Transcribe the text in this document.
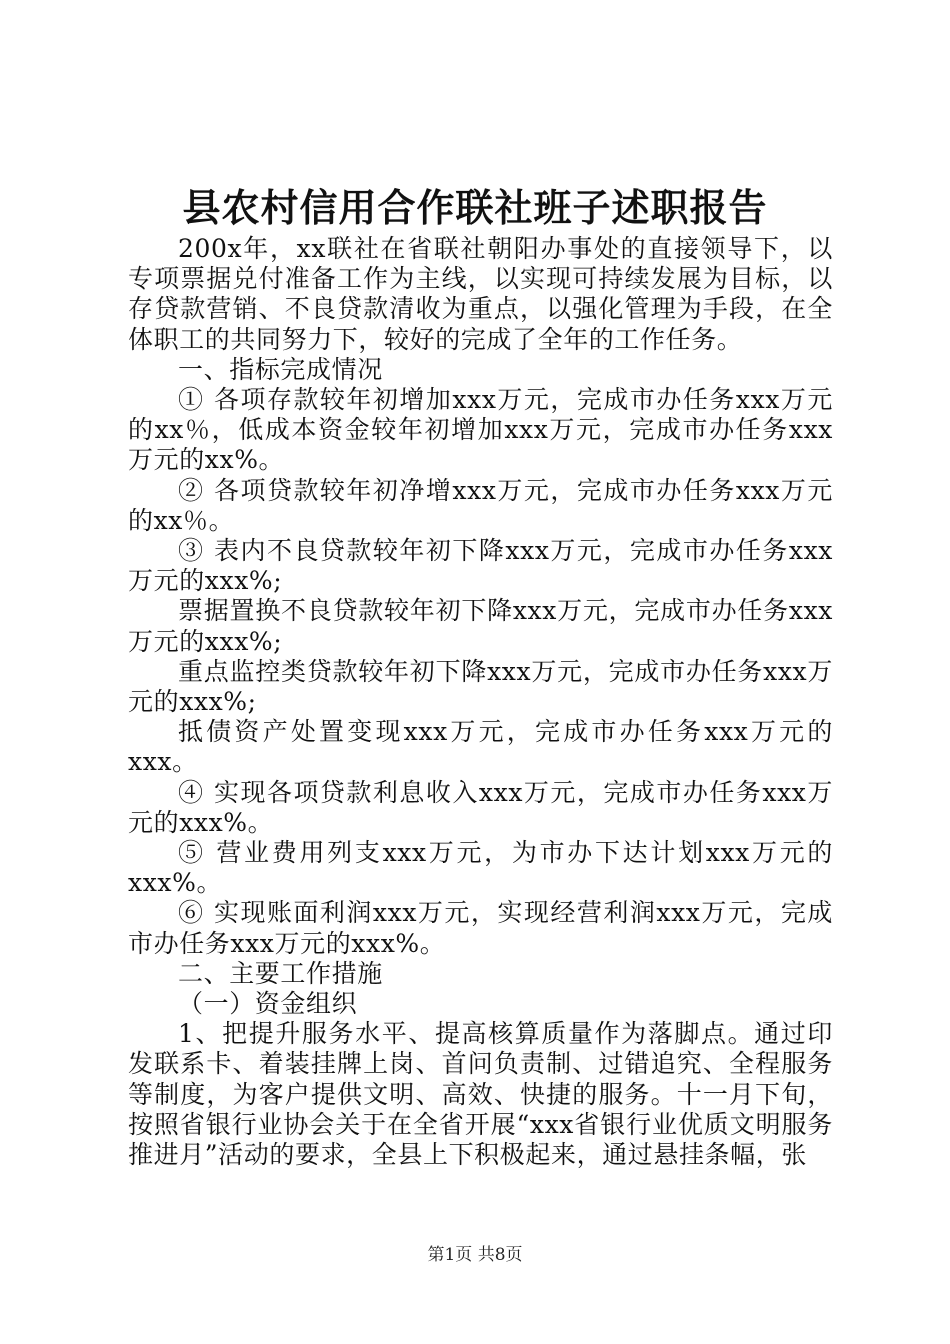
县农村信用合作联社班子述职报告

200x年，xx联社在省联社朝阳办事处的直接领导下，以专项票据兑付准备工作为主线，以实现可持续发展为目标，以存贷款营销、不良贷款清收为重点，以强化管理为手段，在全体职工的共同努力下，较好的完成了全年的工作任务。

一、指标完成情况

① 各项存款较年初增加xxx万元，完成市办任务xxx万元的xx％，低成本资金较年初增加xxx万元，完成市办任务xxx万元的xx%。

② 各项贷款较年初净增xxx万元，完成市办任务xxx万元的xx％。

③ 表内不良贷款较年初下降xxx万元，完成市办任务xxx万元的xxx%;

票据置换不良贷款较年初下降xxx万元，完成市办任务xxx万元的xxx%;

重点监控类贷款较年初下降xxx万元，完成市办任务xxx万元的xxx%;

抵债资产处置变现xxx万元，完成市办任务xxx万元的xxx。

④ 实现各项贷款利息收入xxx万元，完成市办任务xxx万元的xxx%。

⑤ 营业费用列支xxx万元，为市办下达计划xxx万元的xxx%。

⑥ 实现账面利润xxx万元，实现经营利润xxx万元，完成市办任务xxx万元的xxx%。

二、主要工作措施

（一）资金组织

1、把提升服务水平、提高核算质量作为落脚点。通过印发联系卡、着装挂牌上岗、首问负责制、过错追究、全程服务等制度，为客户提供文明、高效、快捷的服务。十一月下旬，按照省银行业协会关于在全省开展“xxx省银行业优质文明服务推进月”活动的要求，全县上下积极起来，通过悬挂条幅，张

第1页 共8页
